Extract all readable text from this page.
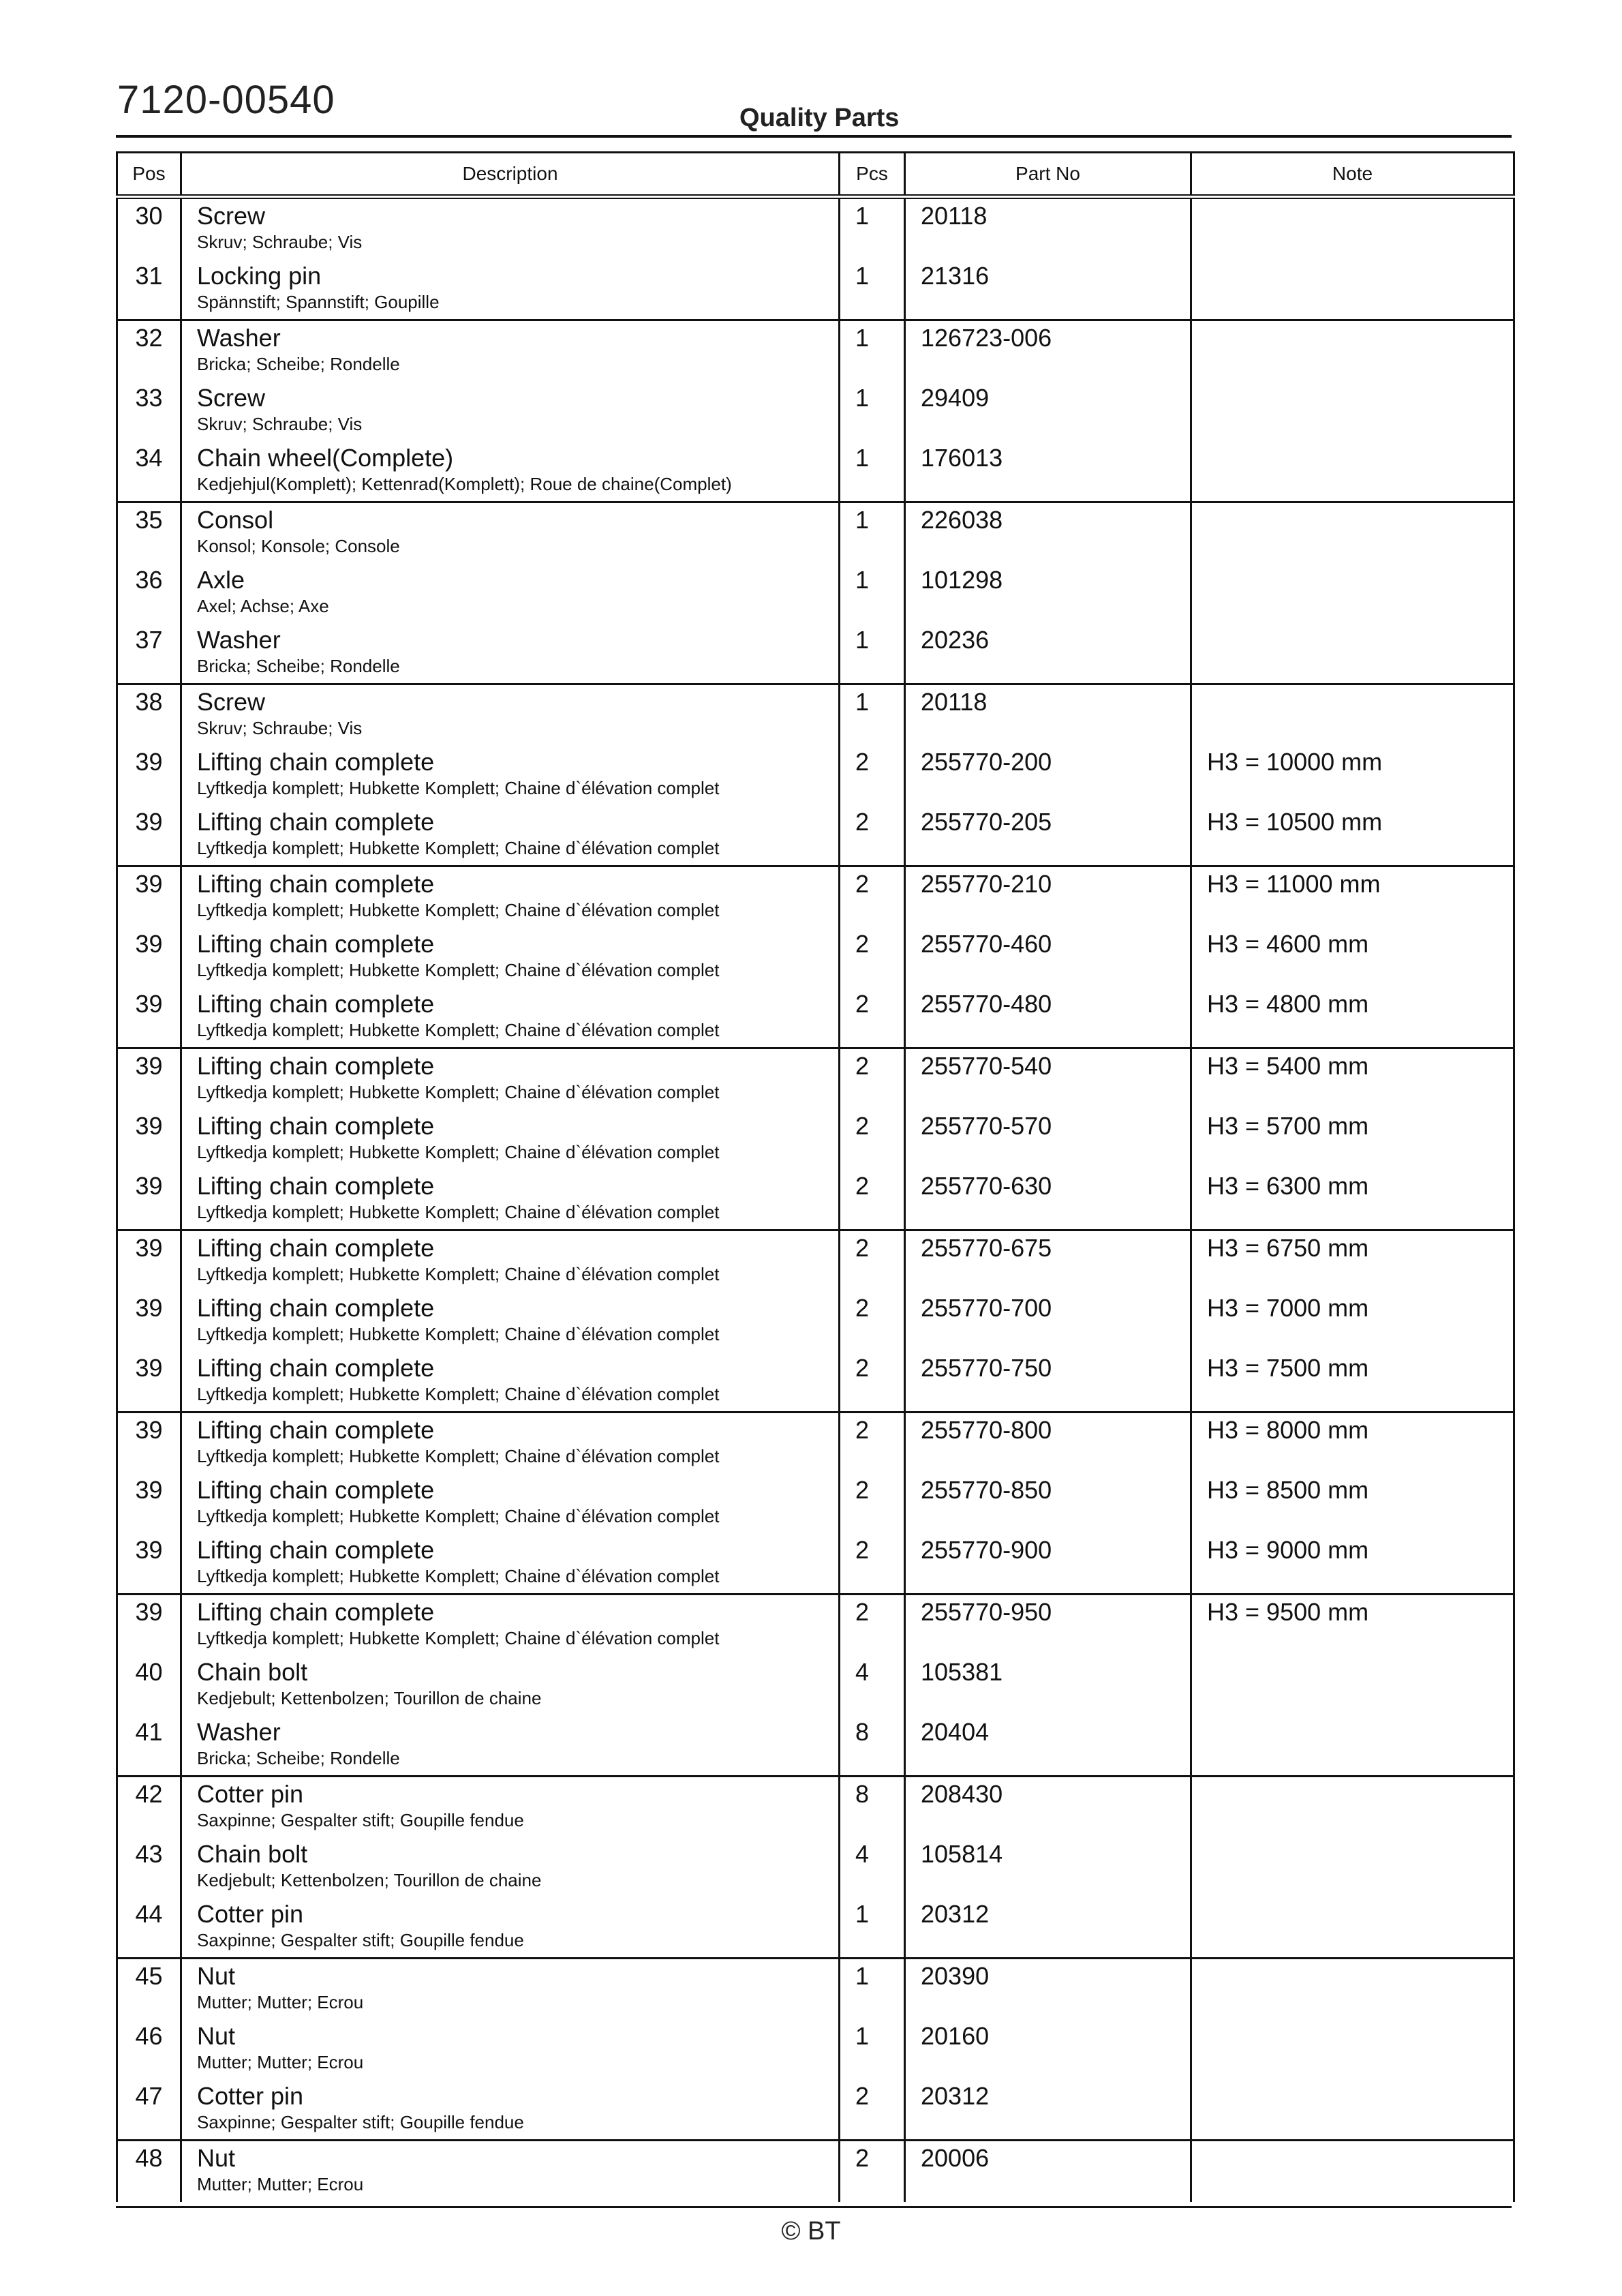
7120-00540	Quality Parts
Pos	Description	Pcs	Part No	Note

30	Screw
Skruv; Schraube; Vis	1	20118	

31	Locking pin
Spännstift; Spannstift; Goupille	1	21316	

32	Washer
Bricka; Scheibe; Rondelle	1	126723-006	

33	Screw
Skruv; Schraube; Vis	1	29409	

34	Chain wheel(Complete)
Kedjehjul(Komplett); Kettenrad(Komplett); Roue de chaine(Complet)	1	176013	

35	Consol
Konsol; Konsole; Console	1	226038	

36	Axle
Axel; Achse; Axe	1	101298	

37	Washer
Bricka; Scheibe; Rondelle	1	20236	

38	Screw
Skruv; Schraube; Vis	1	20118	

39	Lifting chain complete
Lyftkedja komplett; Hubkette Komplett; Chaine d`élévation complet	2	255770-200	H3 = 10000 mm

39	Lifting chain complete
Lyftkedja komplett; Hubkette Komplett; Chaine d`élévation complet	2	255770-205	H3 = 10500 mm

39	Lifting chain complete
Lyftkedja komplett; Hubkette Komplett; Chaine d`élévation complet	2	255770-210	H3 = 11000 mm

39	Lifting chain complete
Lyftkedja komplett; Hubkette Komplett; Chaine d`élévation complet	2	255770-460	H3 = 4600 mm

39	Lifting chain complete
Lyftkedja komplett; Hubkette Komplett; Chaine d`élévation complet	2	255770-480	H3 = 4800 mm

39	Lifting chain complete
Lyftkedja komplett; Hubkette Komplett; Chaine d`élévation complet	2	255770-540	H3 = 5400 mm

39	Lifting chain complete
Lyftkedja komplett; Hubkette Komplett; Chaine d`élévation complet	2	255770-570	H3 = 5700 mm

39	Lifting chain complete
Lyftkedja komplett; Hubkette Komplett; Chaine d`élévation complet	2	255770-630	H3 = 6300 mm

39	Lifting chain complete
Lyftkedja komplett; Hubkette Komplett; Chaine d`élévation complet	2	255770-675	H3 = 6750 mm

39	Lifting chain complete
Lyftkedja komplett; Hubkette Komplett; Chaine d`élévation complet	2	255770-700	H3 = 7000 mm

39	Lifting chain complete
Lyftkedja komplett; Hubkette Komplett; Chaine d`élévation complet	2	255770-750	H3 = 7500 mm

39	Lifting chain complete
Lyftkedja komplett; Hubkette Komplett; Chaine d`élévation complet	2	255770-800	H3 = 8000 mm

39	Lifting chain complete
Lyftkedja komplett; Hubkette Komplett; Chaine d`élévation complet	2	255770-850	H3 = 8500 mm

39	Lifting chain complete
Lyftkedja komplett; Hubkette Komplett; Chaine d`élévation complet	2	255770-900	H3 = 9000 mm

39	Lifting chain complete
Lyftkedja komplett; Hubkette Komplett; Chaine d`élévation complet	2	255770-950	H3 = 9500 mm

40	Chain bolt
Kedjebult; Kettenbolzen; Tourillon de chaine	4	105381	

41	Washer
Bricka; Scheibe; Rondelle	8	20404	

42	Cotter pin
Saxpinne; Gespalter stift; Goupille fendue	8	208430	

43	Chain bolt
Kedjebult; Kettenbolzen; Tourillon de chaine	4	105814	

44	Cotter pin
Saxpinne; Gespalter stift; Goupille fendue	1	20312	

45	Nut
Mutter; Mutter; Ecrou	1	20390	

46	Nut
Mutter; Mutter; Ecrou	1	20160	

47	Cotter pin
Saxpinne; Gespalter stift; Goupille fendue	2	20312	

48	Nut
Mutter; Mutter; Ecrou	2	20006	

© BT
